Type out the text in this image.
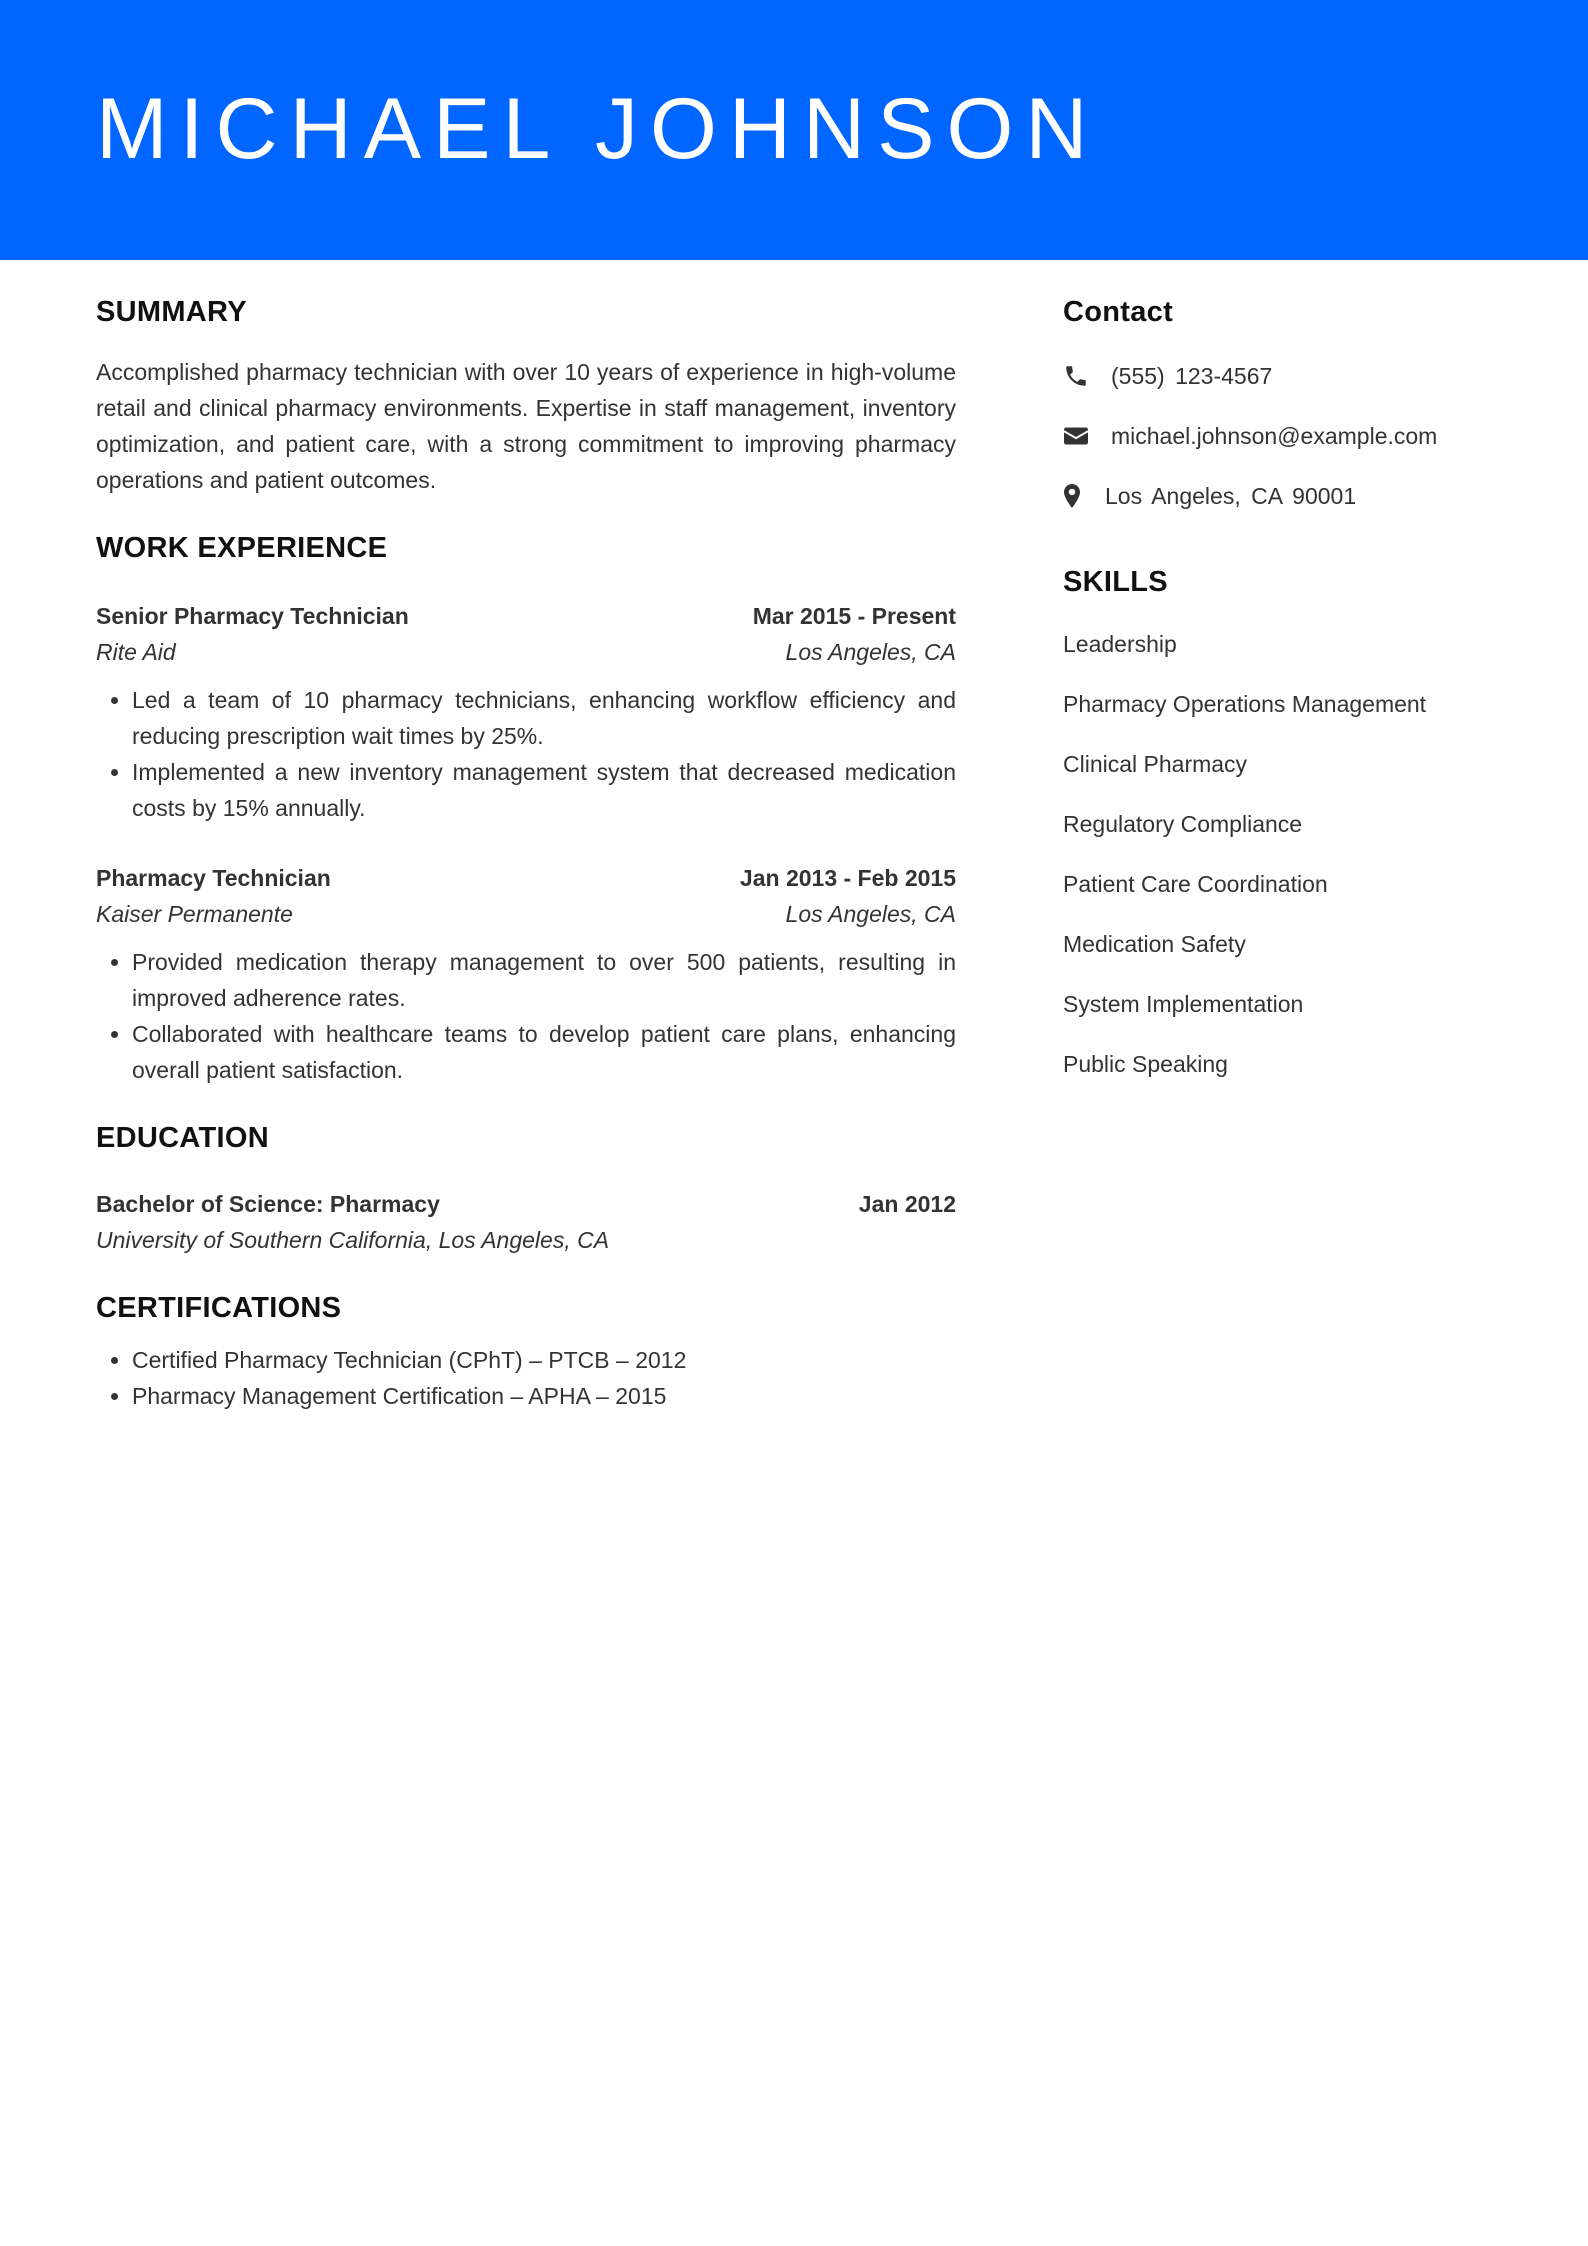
MICHAEL JOHNSON
SUMMARY

Accomplished pharmacy technician with over 10 years of experience in high-volume retail and clinical pharmacy environments. Expertise in staff management, inventory optimization, and patient care, with a strong commitment to improving pharmacy operations and patient outcomes.

WORK EXPERIENCE
Senior Pharmacy Technician	Mar 2015 - Present
Rite Aid	Los Angeles, CA
• Led a team of 10 pharmacy technicians, enhancing workflow efficiency and reducing prescription wait times by 25%.
• Implemented a new inventory management system that decreased medication costs by 15% annually.
Pharmacy Technician	Jan 2013 - Feb 2015
Kaiser Permanente	Los Angeles, CA
• Provided medication therapy management to over 500 patients, resulting in improved adherence rates.
• Collaborated with healthcare teams to develop patient care plans, enhancing overall patient satisfaction.
EDUCATION
Bachelor of Science: Pharmacy	Jan 2012
University of Southern California, Los Angeles, CA
CERTIFICATIONS
• Certified Pharmacy Technician (CPhT) – PTCB – 2012
• Pharmacy Management Certification – APHA – 2015
Contact
(555) 123-4567
michael.johnson@example.com
Los Angeles, CA 90001
SKILLS
Leadership
Pharmacy Operations Management
Clinical Pharmacy
Regulatory Compliance
Patient Care Coordination
Medication Safety
System Implementation
Public Speaking
